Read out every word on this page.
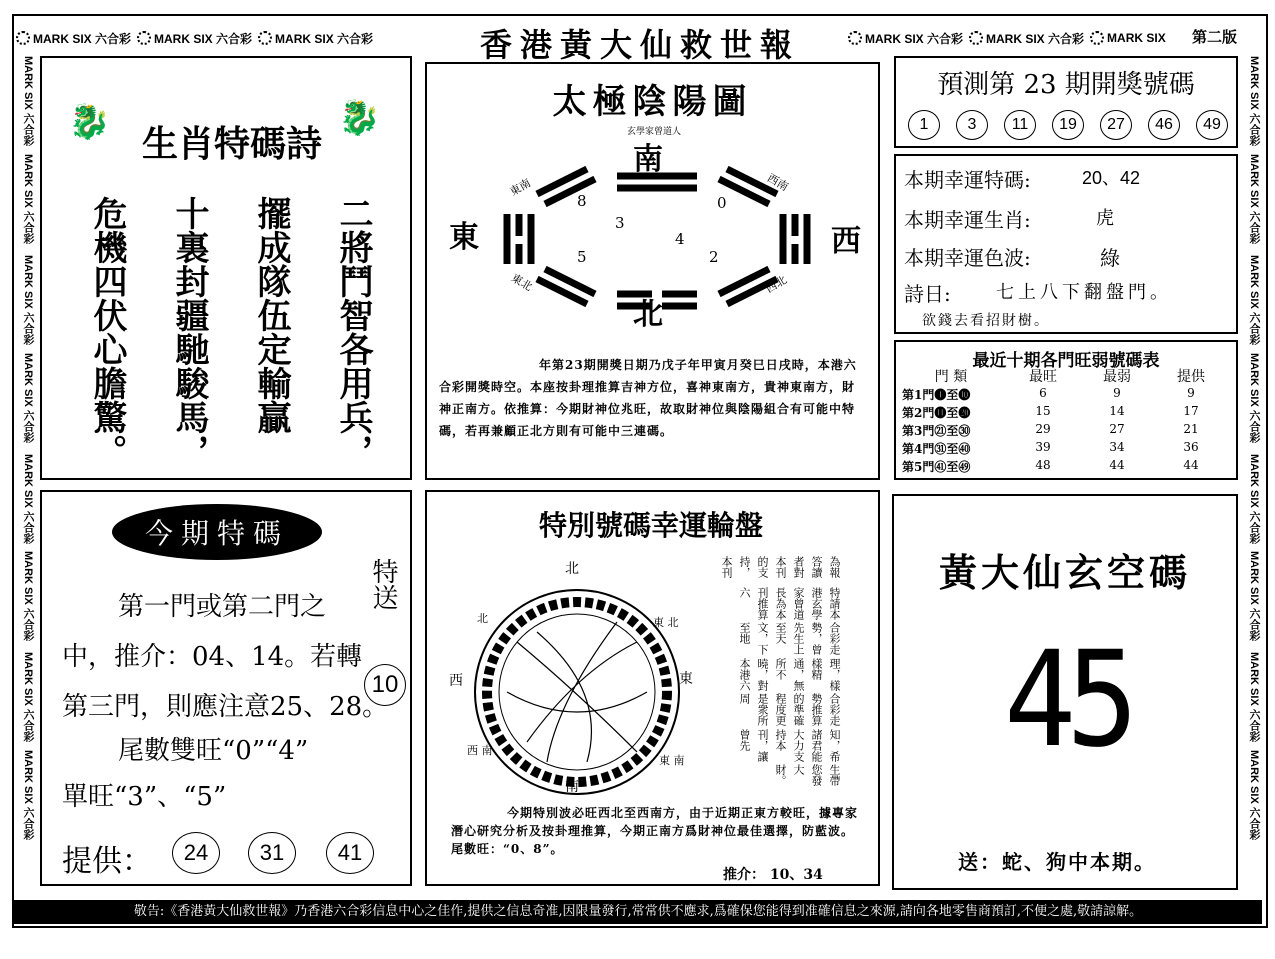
MARK SIX 六合彩 MARK SIX 六合彩 MARK SIX 六合彩	香港黃大仙救世報	MARK SIX 六合彩 MARK SIX 六合彩 MARK SIX 第二版
MARK SIX 六合彩MARK SIX 六合彩 MARK SIX 六合彩MARK SIX 六合彩 MARK SIX 六合彩MARK SIX 六合彩 MARK SIX 六合彩MARK SIX 六合彩
MARK SIX 六合彩MARK SIX 六合彩 MARK SIX 六合彩MARK SIX 六合彩 MARK SIX 六合彩MARK SIX 六合彩 MARK SIX 六合彩MARK SIX 六合彩
🐉	🐉
生肖特碼詩
二將鬥智各用兵，
擺成隊伍定輸贏
十裏封疆馳駿馬，
危機四伏心膽驚。
太極陰陽圖
玄學家曾道人
南
北
東	西
東南	西南
東北	西北
8	0
3
4
5	2
年第23期開獎日期乃戊子年甲寅月癸巳日戌時，本港六合彩開獎時空。本座按卦理推算吉神方位，喜神東南方，貴神東南方，財神正南方。依推算：今期財神位兆旺，故取財神位與陰陽組合有可能中特碼，若再兼顧正北方則有可能中三連碼。
預測第 23 期開獎號碼
1	3	11	19	27	46	49
本期幸運特碼:	20、42
本期幸運生肖:	虎
本期幸運色波:	綠
詩日:	七上八下翻盤門。
欲錢去看招財樹。
最近十期各門旺弱號碼表
門 類	最旺	最弱	提供
第1門❶至❿	6	9	9
第2門⓫至⓴	15	14	17
第3門㉑至㉚	29	27	21
第4門㉛至㊵	39	34	36
第5門㊶至㊾	48	44	44
今期特碼
第一門或第二門之
中，推介：04、14。若轉
第三門，則應注意25、28。
尾數雙旺“0”“4”
單旺“3”、“5”
特送
10
提供：	24	31	41
特別號碼幸運輪盤
北
南
西	東
東 北
北
東 南
西 南
為報答讀者對本刊的支持，本刊
特請本港玄學家曾道長為本刊推算六
合彩走勢，曾先生上至天文，下至地
理，樣樣精通，無所不曉，對本港六
合彩走勢推算的準確程度更是衆所周
知，希諸君能大力支持本刊，讓曾先
生帶您發大財。
今期特別波必旺西北至西南方，由于近期正東方較旺，據專家潛心研究分析及按卦理推算，今期正南方爲財神位最佳選擇，防藍波。尾數旺：“0、8”。
推介： 10、34
黃大仙玄空碼
45
送：蛇、狗中本期。
敬告:《香港黃大仙救世報》乃香港六合彩信息中心之佳作,提供之信息奇准,因限量發行,常常供不應求,爲確保您能得到准確信息之來源,請向各地零售商預訂,不便之處,敬請諒解。
